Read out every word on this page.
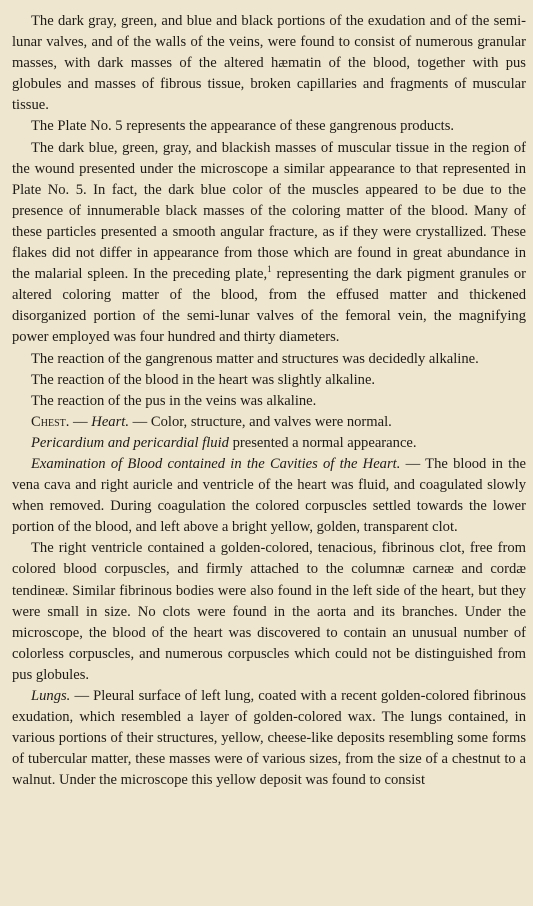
The dark gray, green, and blue and black portions of the exudation and of the semi-lunar valves, and of the walls of the veins, were found to consist of numerous granular masses, with dark masses of the altered hæmatin of the blood, together with pus globules and masses of fibrous tissue, broken capillaries and fragments of muscular tissue.

The Plate No. 5 represents the appearance of these gangrenous products.

The dark blue, green, gray, and blackish masses of muscular tissue in the region of the wound presented under the microscope a similar appearance to that represented in Plate No. 5. In fact, the dark blue color of the muscles appeared to be due to the presence of innumerable black masses of the coloring matter of the blood. Many of these particles presented a smooth angular fracture, as if they were crystallized. These flakes did not differ in appearance from those which are found in great abundance in the malarial spleen. In the preceding plate,$^1$ representing the dark pigment granules or altered coloring matter of the blood, from the effused matter and thickened disorganized portion of the semi-lunar valves of the femoral vein, the magnifying power employed was four hundred and thirty diameters.

The reaction of the gangrenous matter and structures was decidedly alkaline.

The reaction of the blood in the heart was slightly alkaline.

The reaction of the pus in the veins was alkaline.

Chest. — Heart. — Color, structure, and valves were normal.

Pericardium and pericardial fluid presented a normal appearance.

Examination of Blood contained in the Cavities of the Heart. — The blood in the vena cava and right auricle and ventricle of the heart was fluid, and coagulated slowly when removed. During coagulation the colored corpuscles settled towards the lower portion of the blood, and left above a bright yellow, golden, transparent clot.

The right ventricle contained a golden-colored, tenacious, fibrinous clot, free from colored blood corpuscles, and firmly attached to the columnæ carneæ and cordæ tendineæ. Similar fibrinous bodies were also found in the left side of the heart, but they were small in size. No clots were found in the aorta and its branches. Under the microscope, the blood of the heart was discovered to contain an unusual number of colorless corpuscles, and numerous corpuscles which could not be distinguished from pus globules.

Lungs. — Pleural surface of left lung, coated with a recent golden-colored fibrinous exudation, which resembled a layer of golden-colored wax. The lungs contained, in various portions of their structures, yellow, cheese-like deposits resembling some forms of tubercular matter, these masses were of various sizes, from the size of a chestnut to a walnut. Under the microscope this yellow deposit was found to consist
